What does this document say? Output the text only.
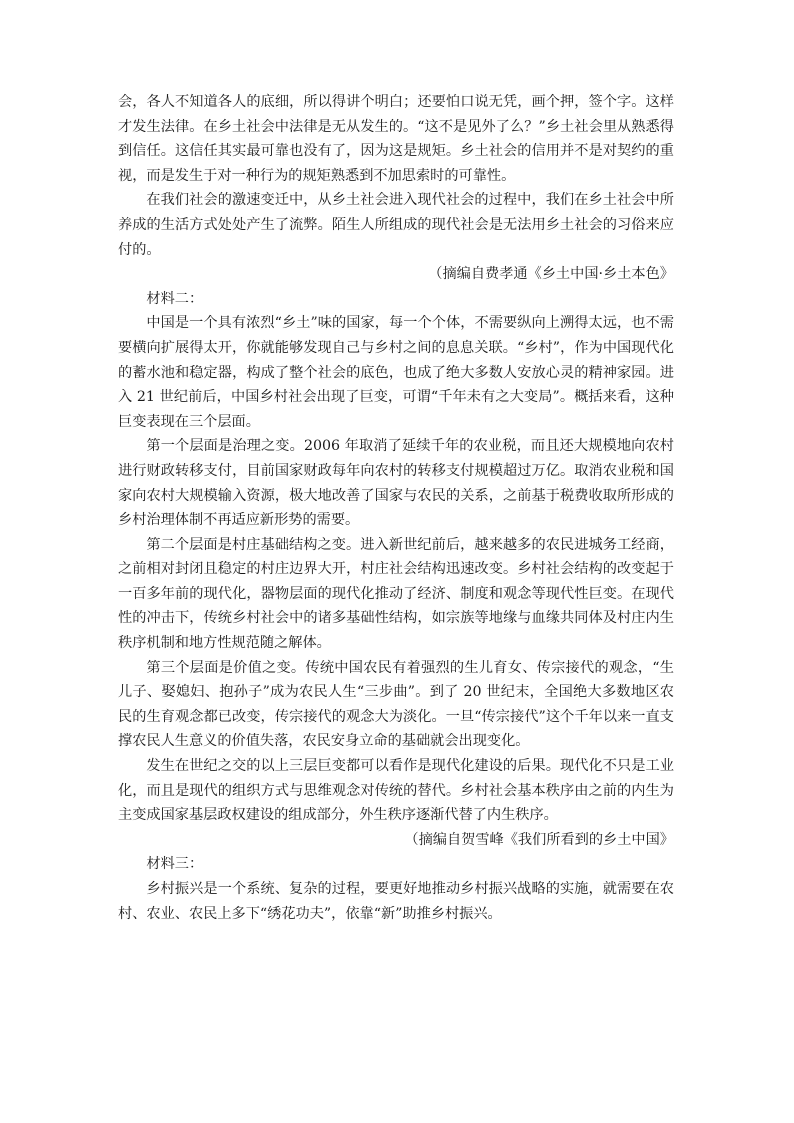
会，各人不知道各人的底细，所以得讲个明白；还要怕口说无凭，画个押，签个字。这样才发生法律。在乡土社会中法律是无从发生的。“这不是见外了么？”乡土社会里从熟悉得到信任。这信任其实最可靠也没有了，因为这是规矩。乡土社会的信用并不是对契约的重视，而是发生于对一种行为的规矩熟悉到不加思索时的可靠性。

在我们社会的激速变迁中，从乡土社会进入现代社会的过程中，我们在乡土社会中所养成的生活方式处处产生了流弊。陌生人所组成的现代社会是无法用乡土社会的习俗来应付的。

（摘编自费孝通《乡土中国·乡土本色》

材料二：

中国是一个具有浓烈“乡土”味的国家，每一个个体，不需要纵向上溯得太远，也不需要横向扩展得太开，你就能够发现自己与乡村之间的息息关联。“乡村”，作为中国现代化的蓄水池和稳定器，构成了整个社会的底色，也成了绝大多数人安放心灵的精神家园。进入 21 世纪前后，中国乡村社会出现了巨变，可谓“千年未有之大变局”。概括来看，这种巨变表现在三个层面。

第一个层面是治理之变。2006 年取消了延续千年的农业税，而且还大规模地向农村进行财政转移支付，目前国家财政每年向农村的转移支付规模超过万亿。取消农业税和国家向农村大规模输入资源，极大地改善了国家与农民的关系，之前基于税费收取所形成的乡村治理体制不再适应新形势的需要。

第二个层面是村庄基础结构之变。进入新世纪前后，越来越多的农民进城务工经商，之前相对封闭且稳定的村庄边界大开，村庄社会结构迅速改变。乡村社会结构的改变起于一百多年前的现代化，器物层面的现代化推动了经济、制度和观念等现代性巨变。在现代性的冲击下，传统乡村社会中的诸多基础性结构，如宗族等地缘与血缘共同体及村庄内生秩序机制和地方性规范随之解体。

第三个层面是价值之变。传统中国农民有着强烈的生儿育女、传宗接代的观念，“生儿子、娶媳妇、抱孙子”成为农民人生“三步曲”。到了 20 世纪末，全国绝大多数地区农民的生育观念都已改变，传宗接代的观念大为淡化。一旦“传宗接代”这个千年以来一直支撑农民人生意义的价值失落，农民安身立命的基础就会出现变化。

发生在世纪之交的以上三层巨变都可以看作是现代化建设的后果。现代化不只是工业化，而且是现代的组织方式与思维观念对传统的替代。乡村社会基本秩序由之前的内生为主变成国家基层政权建设的组成部分，外生秩序逐渐代替了内生秩序。

（摘编自贺雪峰《我们所看到的乡土中国》

材料三：

乡村振兴是一个系统、复杂的过程，要更好地推动乡村振兴战略的实施，就需要在农村、农业、农民上多下“绣花功夫”，依靠“新”助推乡村振兴。
